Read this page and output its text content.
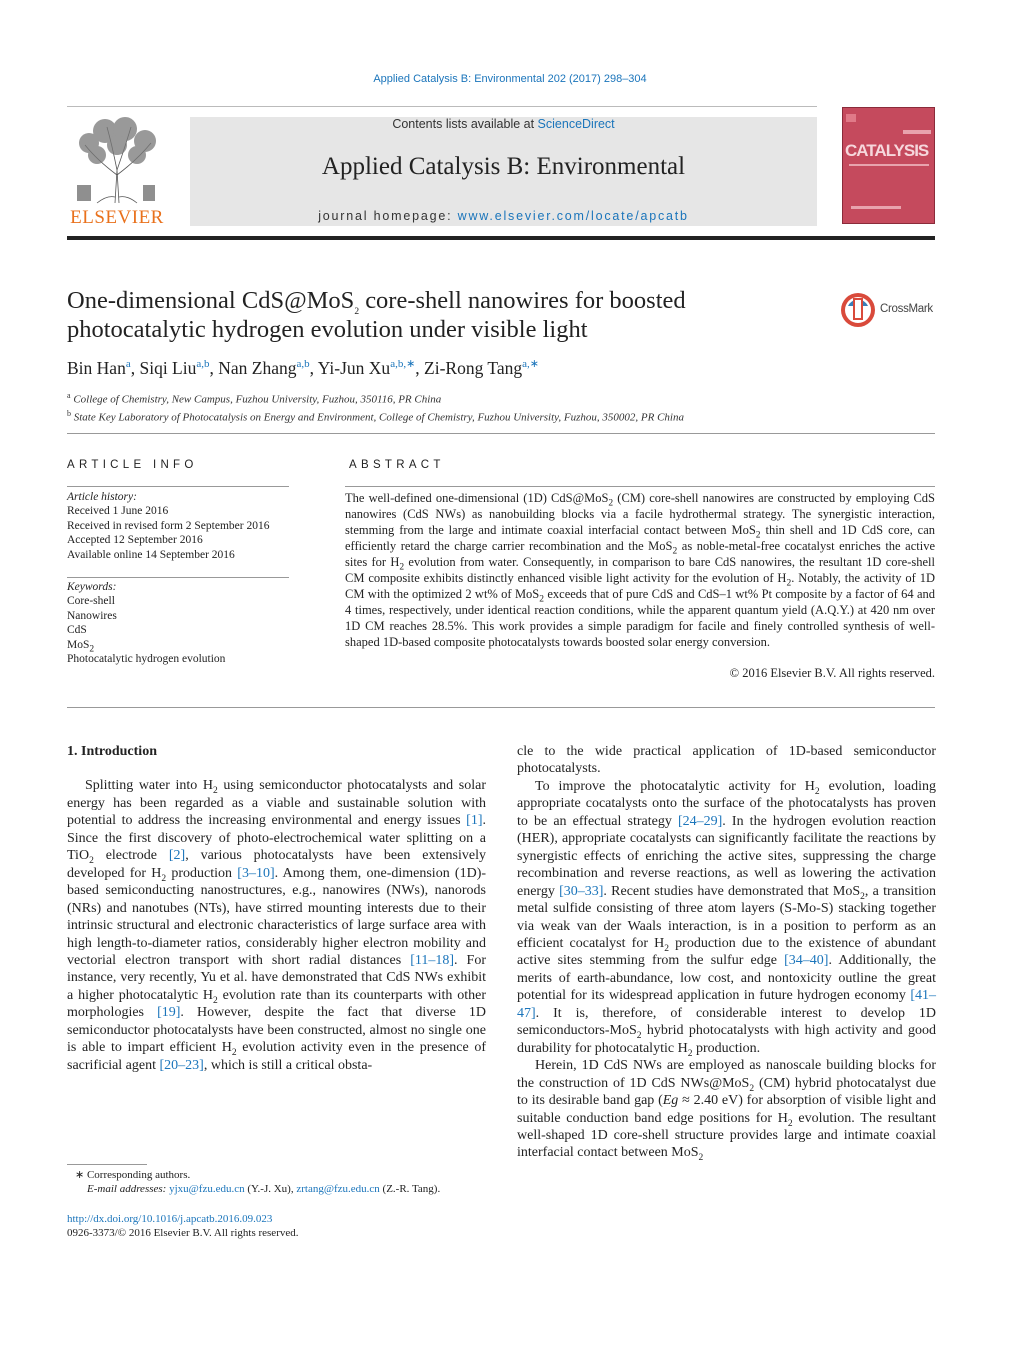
Applied Catalysis B: Environmental 202 (2017) 298–304
ELSEVIER
Contents lists available at ScienceDirect
Applied Catalysis B: Environmental
journal homepage: www.elsevier.com/locate/apcatb
CATALYSIS
One-dimensional CdS@MoS$_2$ core-shell nanowires for boosted photocatalytic hydrogen evolution under visible light
CrossMark
Bin Han$^a$, Siqi Liu$^{a,b}$, Nan Zhang$^{a,b}$, Yi-Jun $Xu^{a,b,∗}$, Zi-Rong Tang$^{a,∗}$
$^a$ College of Chemistry, New Campus, Fuzhou University, Fuzhou, 350116, PR China
$^b$ State Key Laboratory of Photocatalysis on Energy and Environment, College of Chemistry, Fuzhou University, Fuzhou, 350002, PR China
ARTICLE INFO	ABSTRACT
Article history:
Received 1 June 2016
Received in revised form 2 September 2016
Accepted 12 September 2016
Available online 14 September 2016
Keywords:
Core-shell
Nanowires
CdS
MoS$_2$
Photocatalytic hydrogen evolution
The well-defined one-dimensional (1D) CdS@MoS$_2$ (CM) core-shell nanowires are constructed by employing CdS nanowires (CdS NWs) as nanobuilding blocks via a facile hydrothermal strategy. The synergistic interaction, stemming from the large and intimate coaxial interfacial contact between MoS$_2$ thin shell and 1D CdS core, can efficiently retard the charge carrier recombination and the MoS$_2$ as noble-metal-free cocatalyst enriches the active sites for $H_2$ evolution from water. Consequently, in comparison to bare CdS nanowires, the resultant 1D core-shell CM composite exhibits distinctly enhanced visible light activity for the evolution of $H_2$. Notably, the activity of 1D CM with the optimized 2 wt% of MoS$_2$ exceeds that of pure CdS and CdS–1 wt% Pt composite by a factor of 64 and 4 times, respectively, under identical reaction conditions, while the apparent quantum yield (A.Q.Y.) at 420 nm over 1D CM reaches 28.5%. This work provides a simple paradigm for facile and finely controlled synthesis of well-shaped 1D-based composite photocatalysts towards boosted solar energy conversion.
© 2016 Elsevier B.V. All rights reserved.

1. Introduction

Splitting water into $H_2$ using semiconductor photocatalysts and solar energy has been regarded as a viable and sustainable solution with potential to address the increasing environmental and energy issues [1]. Since the first discovery of photo-electrochemical water splitting on a TiO$_2$ electrode [2], various photocatalysts have been extensively developed for $H_2$ production [3–10]. Among them, one-dimension (1D)-based semiconducting nanostructures, e.g., nanowires (NWs), nanorods (NRs) and nanotubes (NTs), have stirred mounting interests due to their intrinsic structural and electronic characteristics of large surface area with high length-to-diameter ratios, considerably higher electron mobility and vectorial electron transport with short radial distances [11–18]. For instance, very recently, Yu et al. have demonstrated that CdS NWs exhibit a higher photocatalytic $H_2$ evolution rate than its counterparts with other morphologies [19]. However, despite the fact that diverse 1D semiconductor photocatalysts have been constructed, almost no single one is able to impart efficient $H_2$ evolution activity even in the presence of sacrificial agent [20–23], which is still a critical obsta-

cle to the wide practical application of 1D-based semiconductor photocatalysts.

To improve the photocatalytic activity for $H_2$ evolution, loading appropriate cocatalysts onto the surface of the photocatalysts has proven to be an effectual strategy [24–29]. In the hydrogen evolution reaction (HER), appropriate cocatalysts can significantly facilitate the reactions by synergistic effects of enriching the active sites, suppressing the charge recombination and reverse reactions, as well as lowering the activation energy [30–33]. Recent studies have demonstrated that MoS$_2$, a transition metal sulfide consisting of three atom layers (S-Mo-S) stacking together via weak van der Waals interaction, is in a position to perform as an efficient cocatalyst for $H_2$ production due to the existence of abundant active sites stemming from the sulfur edge [34–40]. Additionally, the merits of earth-abundance, low cost, and nontoxicity outline the great potential for its widespread application in future hydrogen economy [41–47]. It is, therefore, of considerable interest to develop 1D semiconductors-MoS$_2$ hybrid photocatalysts with high activity and good durability for photocatalytic $H_2$ production.

Herein, 1D CdS NWs are employed as nanoscale building blocks for the construction of 1D CdS NWs@MoS$_2$ (CM) hybrid photocatalyst due to its desirable band gap (Eg ≈ 2.40 eV) for absorption of visible light and suitable conduction band edge positions for $H_2$ evolution. The resultant well-shaped 1D core-shell structure provides large and intimate coaxial interfacial contact between MoS$_2$

∗ Corresponding authors.
E-mail addresses: yjxu@fzu.edu.cn (Y.-J. Xu), zrtang@fzu.edu.cn (Z.-R. Tang).
http://dx.doi.org/10.1016/j.apcatb.2016.09.023
0926-3373/© 2016 Elsevier B.V. All rights reserved.
